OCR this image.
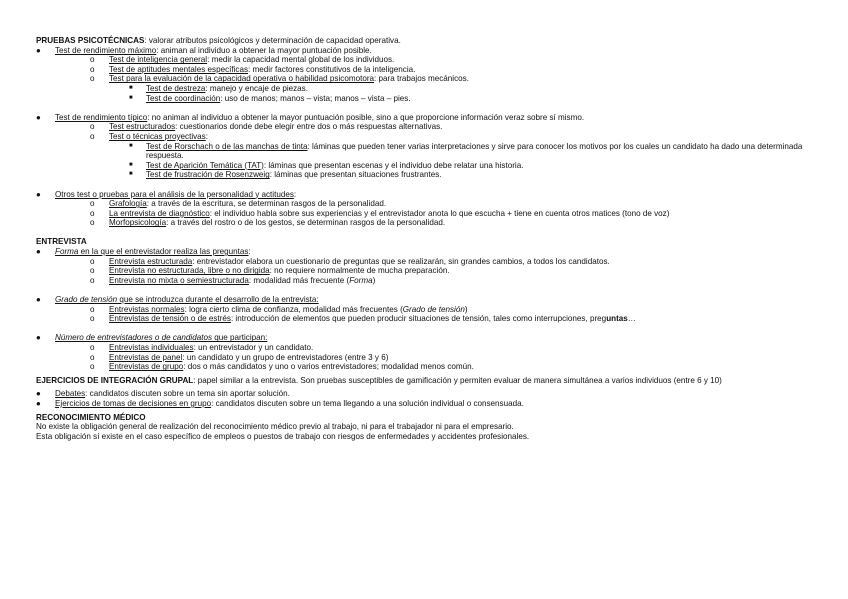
PRUEBAS PSICOTÉCNICAS: valorar atributos psicológicos y determinación de capacidad operativa.
● Test de rendimiento máximo: animan al individuo a obtener la mayor puntuación posible.
o Test de inteligencia general: medir la capacidad mental global de los individuos.
o Test de aptitudes mentales específicas: medir factores constitutivos de la inteligencia.
o Test para la evaluación de la capacidad operativa o habilidad psicomotora: para trabajos mecánicos.
■ Test de destreza: manejo y encaje de piezas.
■ Test de coordinación: uso de manos; manos – vista; manos – vista – pies.
● Test de rendimiento típico: no animan al individuo a obtener la mayor puntuación posible, sino a que proporcione información veraz sobre sí mismo.
o Test estructurados: cuestionarios donde debe elegir entre dos o más respuestas alternativas.
o Test o técnicas proyectivas:
■ Test de Rorschach o de las manchas de tinta: láminas que pueden tener varias interpretaciones y sirve para conocer los motivos por los cuales un candidato ha dado una determinada respuesta.
■ Test de Aparición Temática (TAT): láminas que presentan escenas y el individuo debe relatar una historia.
■ Test de frustración de Rosenzweig: láminas que presentan situaciones frustrantes.
● Otros test o pruebas para el análisis de la personalidad y actitudes:
o Grafología: a través de la escritura, se determinan rasgos de la personalidad.
o La entrevista de diagnóstico: el individuo habla sobre sus experiencias y el entrevistador anota lo que escucha + tiene en cuenta otros matices (tono de voz)
o Morfopsicología: a través del rostro o de los gestos, se determinan rasgos de la personalidad.
ENTREVISTA
● Forma en la que el entrevistador realiza las preguntas:
o Entrevista estructurada: entrevistador elabora un cuestionario de preguntas que se realizarán, sin grandes cambios, a todos los candidatos.
o Entrevista no estructurada, libre o no dirigida: no requiere normalmente de mucha preparación.
o Entrevista no mixta o semiestructurada: modalidad más frecuente (Forma)
● Grado de tensión que se introduzca durante el desarrollo de la entrevista:
o Entrevistas normales: logra cierto clima de confianza, modalidad más frecuentes (Grado de tensión)
o Entrevistas de tensión o de estrés: introducción de elementos que pueden producir situaciones de tensión, tales como interrupciones, preguntas…
● Número de entrevistadores o de candidatos que participan:
o Entrevistas individuales: un entrevistador y un candidato.
o Entrevistas de panel: un candidato y un grupo de entrevistadores (entre 3 y 6)
o Entrevistas de grupo: dos o más candidatos y uno o varios entrevistadores; modalidad menos común.
EJERCICIOS DE INTEGRACIÓN GRUPAL: papel similar a la entrevista. Son pruebas susceptibles de gamificación y permiten evaluar de manera simultánea a varios individuos (entre 6 y 10)
● Debates: candidatos discuten sobre un tema sin aportar solución.
● Ejercicios de tomas de decisiones en grupo: candidatos discuten sobre un tema llegando a una solución individual o consensuada.
RECONOCIMIENTO MÉDICO
No existe la obligación general de realización del reconocimiento médico previo al trabajo, ni para el trabajador ni para el empresario.
Esta obligación sí existe en el caso específico de empleos o puestos de trabajo con riesgos de enfermedades y accidentes profesionales.
